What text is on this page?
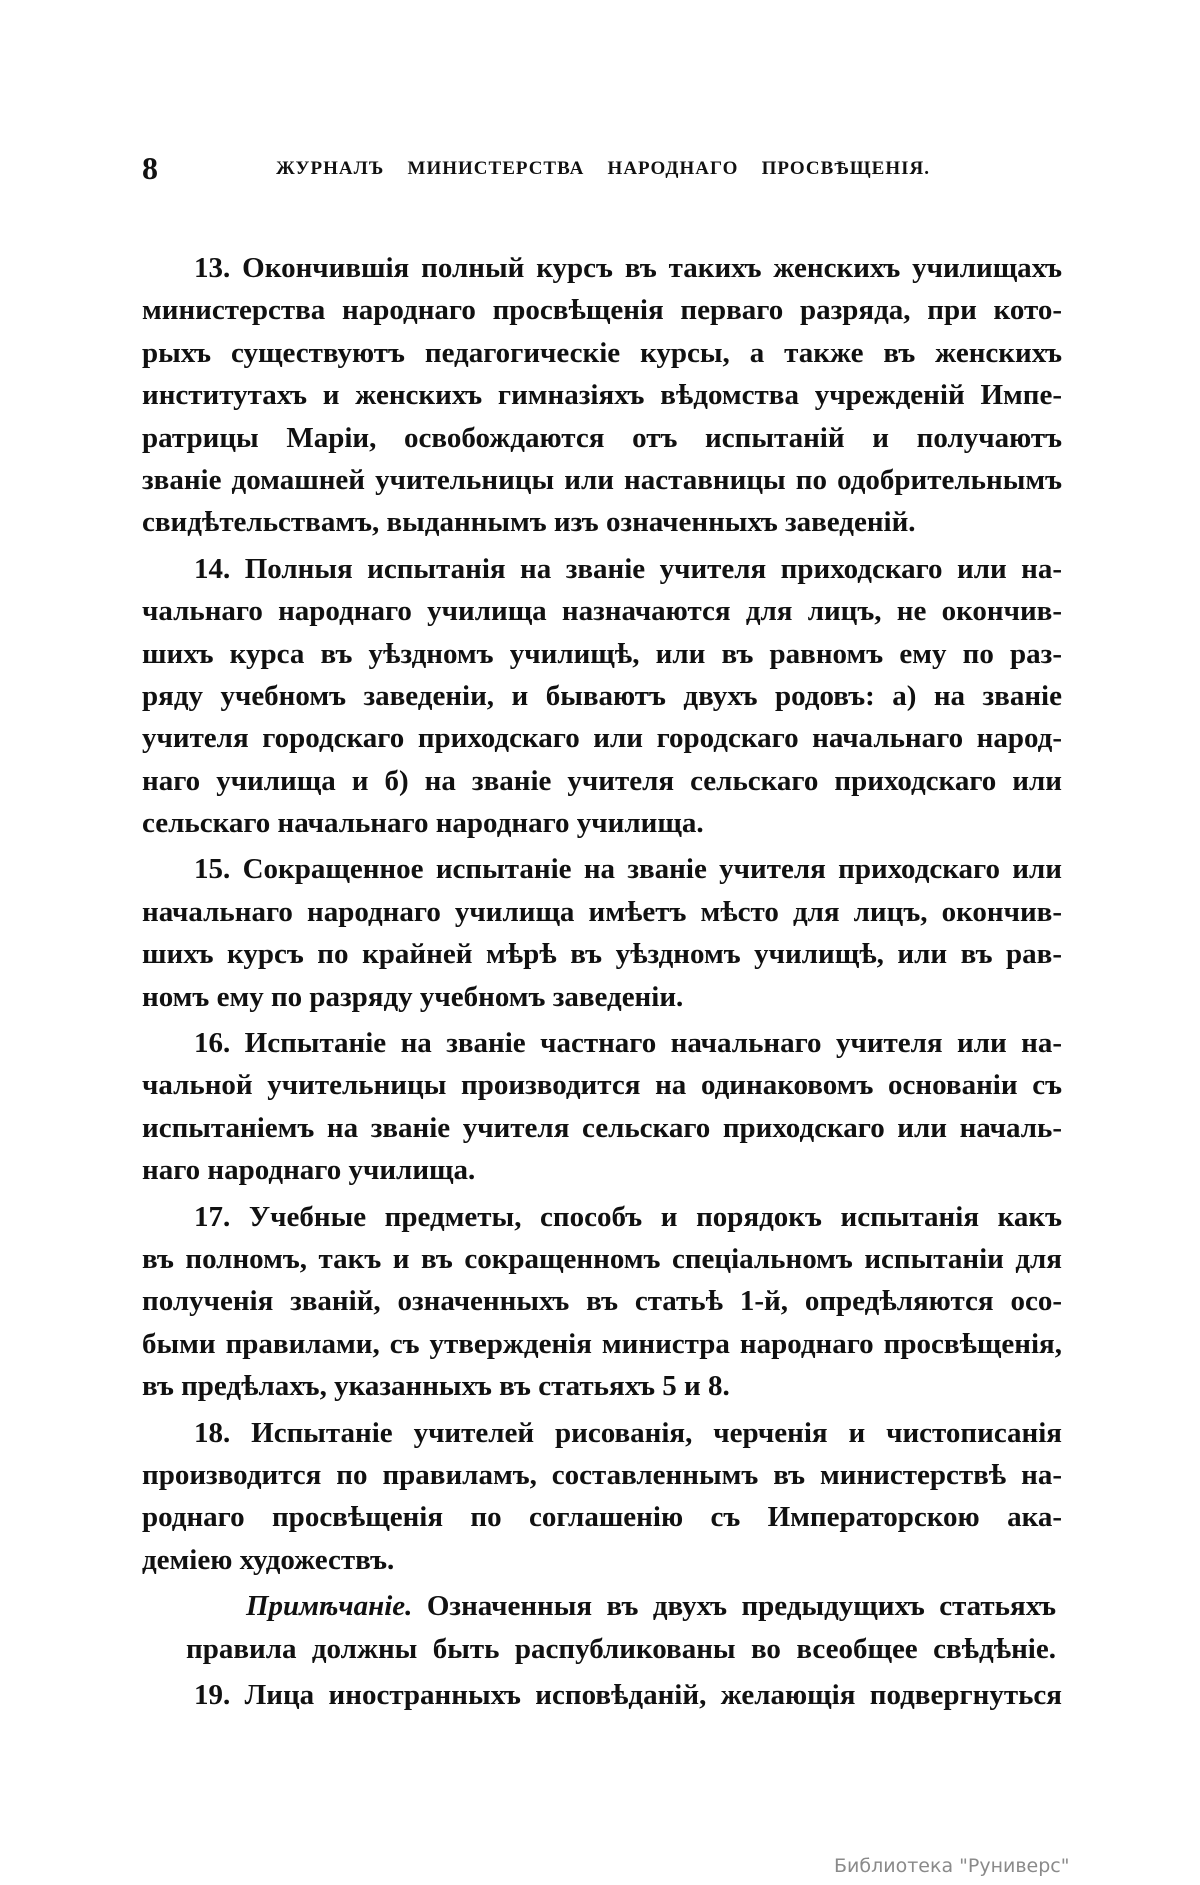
8	ЖУРНАЛЪ МИНИСТЕРСТВА НАРОДНАГО ПРОСВѢЩЕНІЯ.
13. Окончившія полный курсъ въ такихъ женскихъ училищахъ
министерства народнаго просвѣщенія перваго разряда, при кото-
рыхъ существуютъ педагогическіе курсы, а также въ женскихъ
институтахъ и женскихъ гимназіяхъ вѣдомства учрежденій Импе-
ратрицы Маріи, освобождаются отъ испытаній и получаютъ
званіе домашней учительницы или наставницы по одобрительнымъ
свидѣтельствамъ, выданнымъ изъ означенныхъ заведеній.
14. Полныя испытанія на званіе учителя приходскаго или на-
чальнаго народнаго училища назначаются для лицъ, не окончив-
шихъ курса въ уѣздномъ училищѣ, или въ равномъ ему по раз-
ряду учебномъ заведеніи, и бываютъ двухъ родовъ: а) на званіе
учителя городскаго приходскаго или городскаго начальнаго народ-
наго училища и б) на званіе учителя сельскаго приходскаго или
сельскаго начальнаго народнаго училища.
15. Сокращенное испытаніе на званіе учителя приходскаго или
начальнаго народнаго училища имѣетъ мѣсто для лицъ, окончив-
шихъ курсъ по крайней мѣрѣ въ уѣздномъ училищѣ, или въ рав-
номъ ему по разряду учебномъ заведеніи.
16. Испытаніе на званіе частнаго начальнаго учителя или на-
чальной учительницы производится на одинаковомъ основаніи съ
испытаніемъ на званіе учителя сельскаго приходскаго или началь-
наго народнаго училища.
17. Учебные предметы, способъ и порядокъ испытанія какъ
въ полномъ, такъ и въ сокращенномъ спеціальномъ испытаніи для
полученія званій, означенныхъ въ статьѣ 1-й, опредѣляются осо-
быми правилами, съ утвержденія министра народнаго просвѣщенія,
въ предѣлахъ, указанныхъ въ статьяхъ 5 и 8.
18. Испытаніе учителей рисованія, черченія и чистописанія
производится по правиламъ, составленнымъ въ министерствѣ на-
роднаго просвѣщенія по соглашенію съ Императорскою ака-
деміею художествъ.
Примѣчаніе. Означенныя въ двухъ предыдущихъ статьяхъ
правила должны быть распубликованы во всеобщее свѣдѣніе.
19. Лица иностранныхъ исповѣданій, желающія подвергнуться
Библиотека "Руниверс"
